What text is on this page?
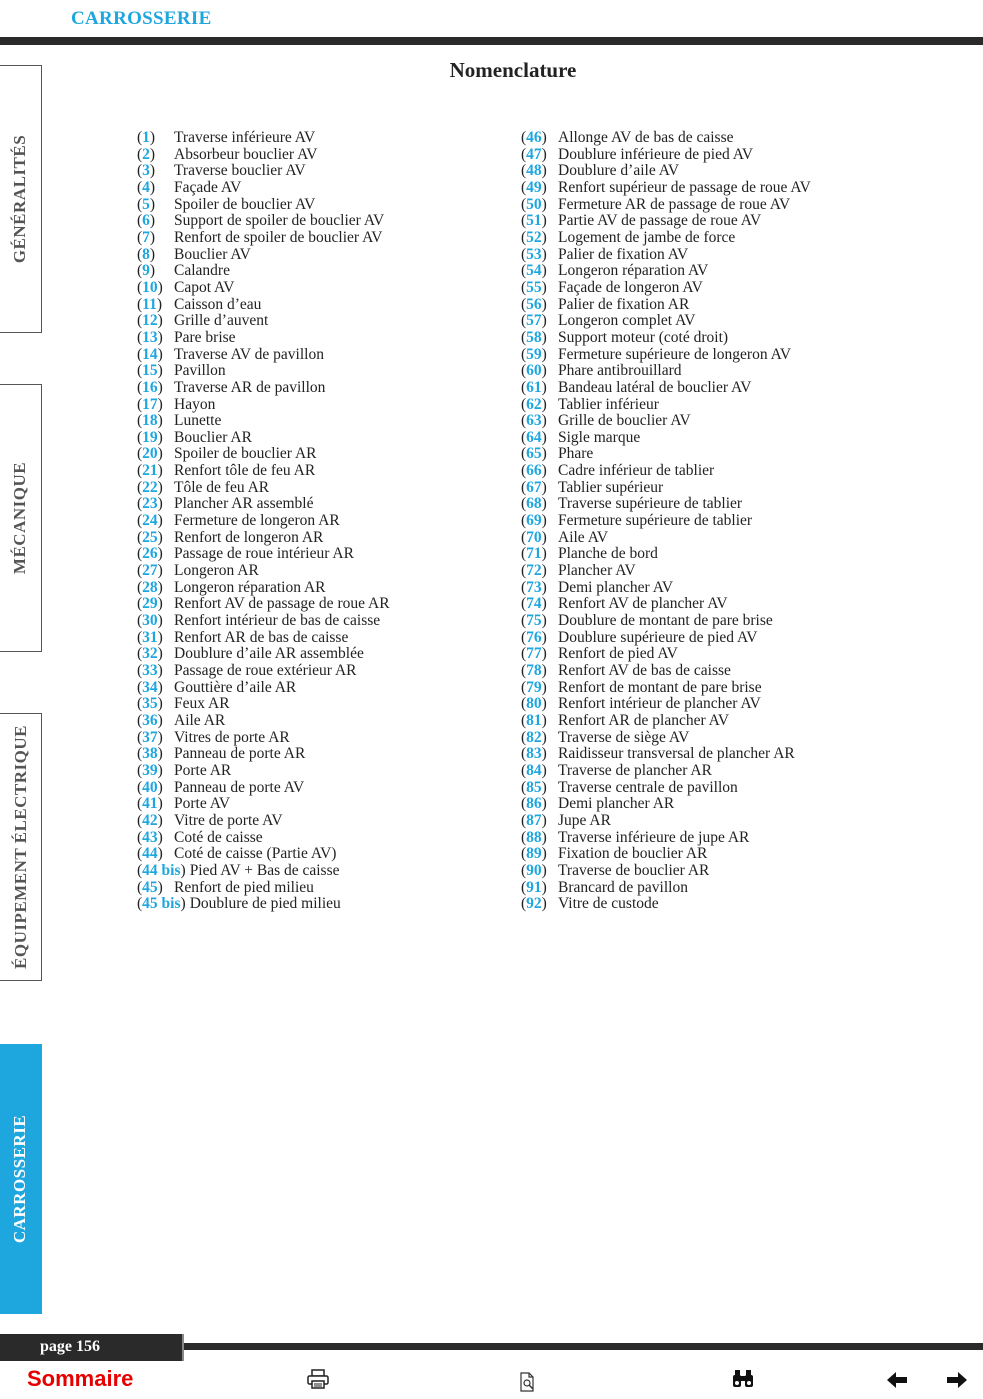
CARROSSERIE
Nomenclature
GÉNÉRALITÉS
MÉCANIQUE
ÉQUIPEMENT ÉLECTRIQUE
CARROSSERIE
(1) Traverse inférieure AV
(2) Absorbeur bouclier AV
(3) Traverse bouclier AV
(4) Façade AV
(5) Spoiler de bouclier AV
(6) Support de spoiler de bouclier AV
(7) Renfort de spoiler de bouclier AV
(8) Bouclier AV
(9) Calandre
(10) Capot AV
(11) Caisson d’eau
(12) Grille d’auvent
(13) Pare brise
(14) Traverse AV de pavillon
(15) Pavillon
(16) Traverse AR de pavillon
(17) Hayon
(18) Lunette
(19) Bouclier AR
(20) Spoiler de bouclier AR
(21) Renfort tôle de feu AR
(22) Tôle de feu AR
(23) Plancher AR assemblé
(24) Fermeture de longeron AR
(25) Renfort de longeron AR
(26) Passage de roue intérieur AR
(27) Longeron AR
(28) Longeron réparation AR
(29) Renfort AV de passage de roue AR
(30) Renfort intérieur de bas de caisse
(31) Renfort AR de bas de caisse
(32) Doublure d’aile AR assemblée
(33) Passage de roue extérieur AR
(34) Gouttière d’aile AR
(35) Feux AR
(36) Aile AR
(37) Vitres de porte AR
(38) Panneau de porte AR
(39) Porte AR
(40) Panneau de porte AV
(41) Porte AV
(42) Vitre de porte AV
(43) Coté de caisse
(44) Coté de caisse (Partie AV)
(44 bis) Pied AV + Bas de caisse
(45) Renfort de pied milieu
(45 bis) Doublure de pied milieu
(46) Allonge AV de bas de caisse
(47) Doublure inférieure de pied AV
(48) Doublure d’aile AV
(49) Renfort supérieur de passage de roue AV
(50) Fermeture AR de passage de roue AV
(51) Partie AV de passage de roue AV
(52) Logement de jambe de force
(53) Palier de fixation AV
(54) Longeron réparation AV
(55) Façade de longeron AV
(56) Palier de fixation AR
(57) Longeron complet AV
(58) Support moteur (coté droit)
(59) Fermeture supérieure de longeron AV
(60) Phare antibrouillard
(61) Bandeau latéral de bouclier AV
(62) Tablier inférieur
(63) Grille de bouclier AV
(64) Sigle marque
(65) Phare
(66) Cadre inférieur de tablier
(67) Tablier supérieur
(68) Traverse supérieure de tablier
(69) Fermeture supérieure de tablier
(70) Aile AV
(71) Planche de bord
(72) Plancher AV
(73) Demi plancher AV
(74) Renfort AV de plancher AV
(75) Doublure de montant de pare brise
(76) Doublure supérieure de pied AV
(77) Renfort de pied AV
(78) Renfort AV de bas de caisse
(79) Renfort de montant de pare brise
(80) Renfort intérieur de plancher AV
(81) Renfort AR de plancher AV
(82) Traverse de siège AV
(83) Raidisseur transversal de plancher AR
(84) Traverse de plancher AR
(85) Traverse centrale de pavillon
(86) Demi plancher AR
(87) Jupe AR
(88) Traverse inférieure de jupe AR
(89) Fixation de bouclier AR
(90) Traverse de bouclier AR
(91) Brancard de pavillon
(92) Vitre de custode
page 156
Sommaire
